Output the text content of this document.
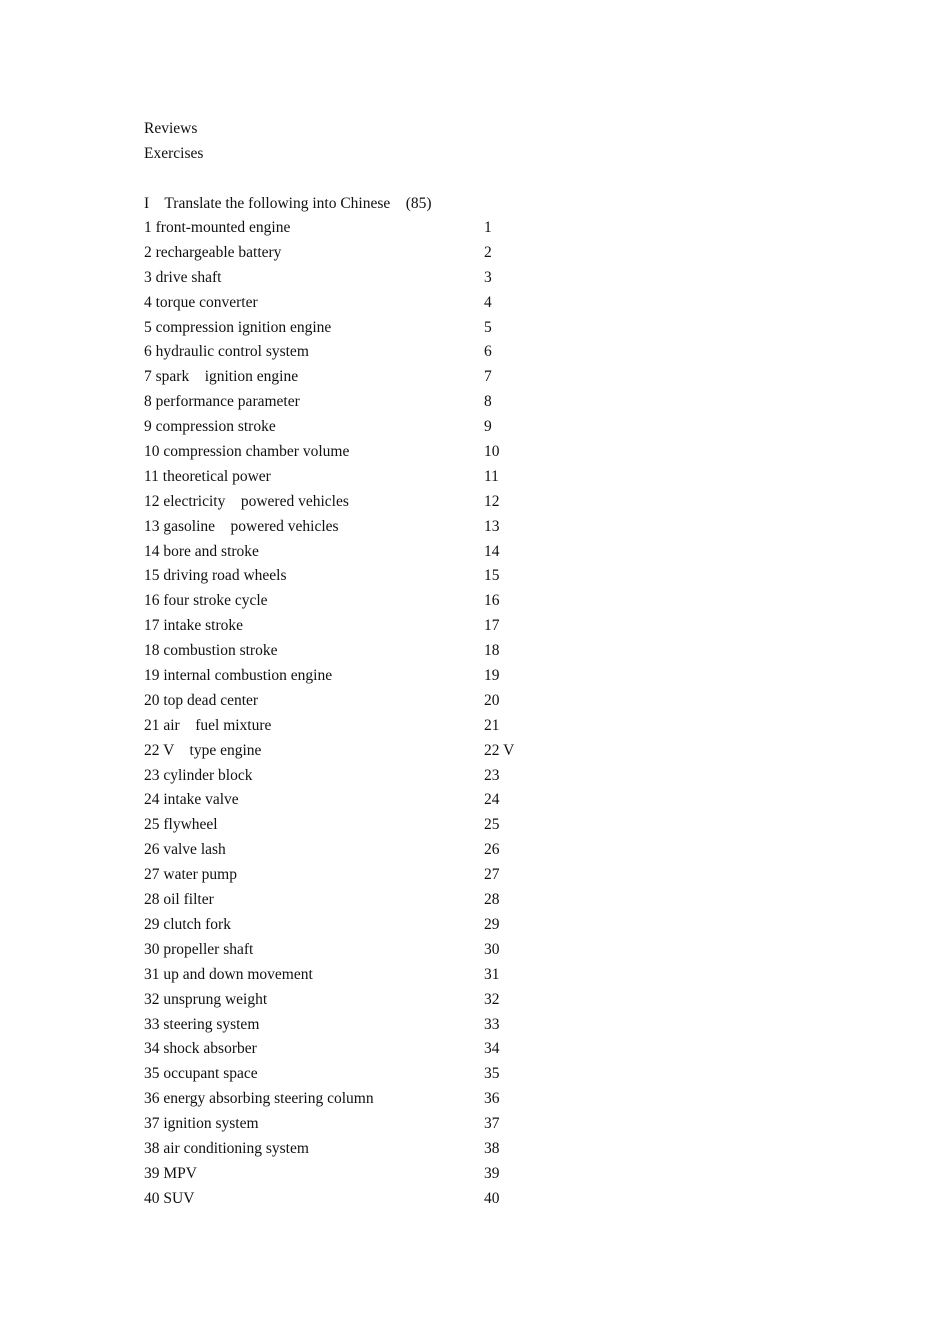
Reviews
Exercises
I    Translate the following into Chinese    (85)
1 front-mounted engine	1
2 rechargeable battery	2
3 drive shaft	3
4 torque converter	4
5 compression ignition engine	5
6 hydraulic control system	6
7 spark    ignition engine	7
8 performance parameter	8
9 compression stroke	9
10 compression chamber volume	10
11 theoretical power	11
12 electricity    powered vehicles	12
13 gasoline    powered vehicles	13
14 bore and stroke	14
15 driving road wheels	15
16 four stroke cycle	16
17 intake stroke	17
18 combustion stroke	18
19 internal combustion engine	19
20 top dead center	20
21 air    fuel mixture	21
22 V    type engine	22 V
23 cylinder block	23
24 intake valve	24
25 flywheel	25
26 valve lash	26
27 water pump	27
28 oil filter	28
29 clutch fork	29
30 propeller shaft	30
31 up and down movement	31
32 unsprung weight	32
33 steering system	33
34 shock absorber	34
35 occupant space	35
36 energy absorbing steering column	36
37 ignition system	37
38 air conditioning system	38
39 MPV	39
40 SUV	40
